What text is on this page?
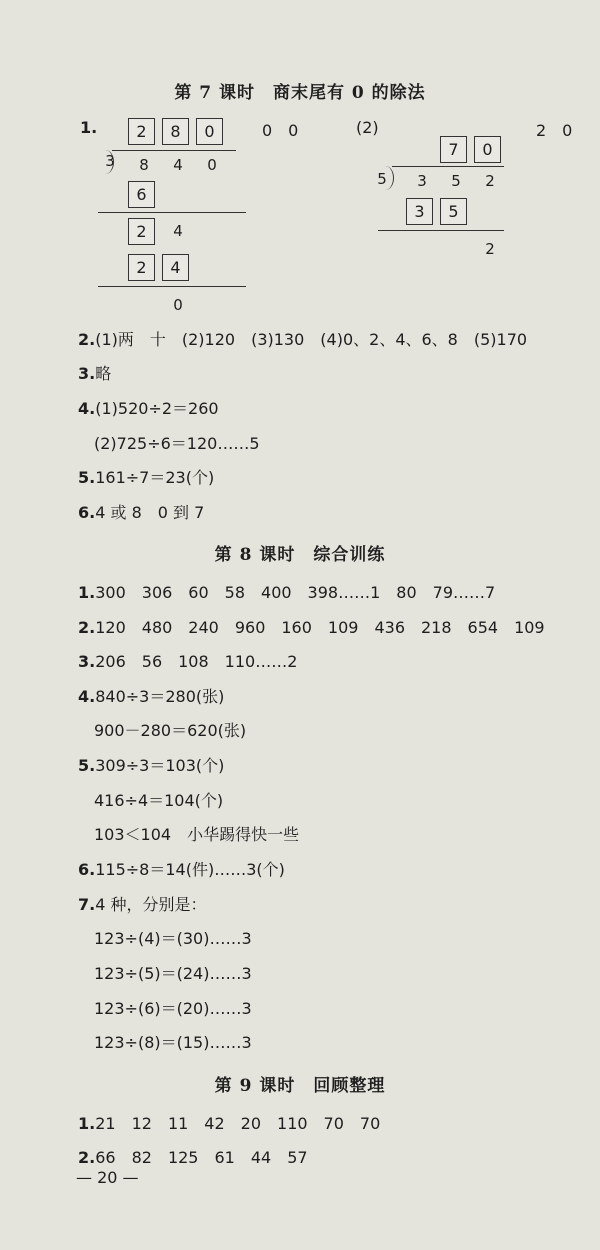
第 7 课时　商末尾有 0 的除法
1.	2	8	0
3	8	4	0
6
2	4
2	4
0
0　0	(2)	2　0
7	0
5	3	5	2
3	5
2
2.(1)两　十　(2)120　(3)130　(4)0、2、4、6、8　(5)170
3.略
4.(1)520÷2＝260
(2)725÷6＝120……5
5.161÷7＝23(个)
6.4 或 8　0 到 7
第 8 课时　综合训练
1.300　306　60　58　400　398……1　80　79……7
2.120　480　240　960　160　109　436　218　654　109
3.206　56　108　110……2
4.840÷3＝280(张)
900－280＝620(张)
5.309÷3＝103(个)
416÷4＝104(个)
103＜104　小华踢得快一些
6.115÷8＝14(件)……3(个)
7.4 种，分别是：
123÷(4)＝(30)……3
123÷(5)＝(24)……3
123÷(6)＝(20)……3
123÷(8)＝(15)……3
第 9 课时　回顾整理
1.21　12　11　42　20　110　70　70
2.66　82　125　61　44　57
— 20 —
